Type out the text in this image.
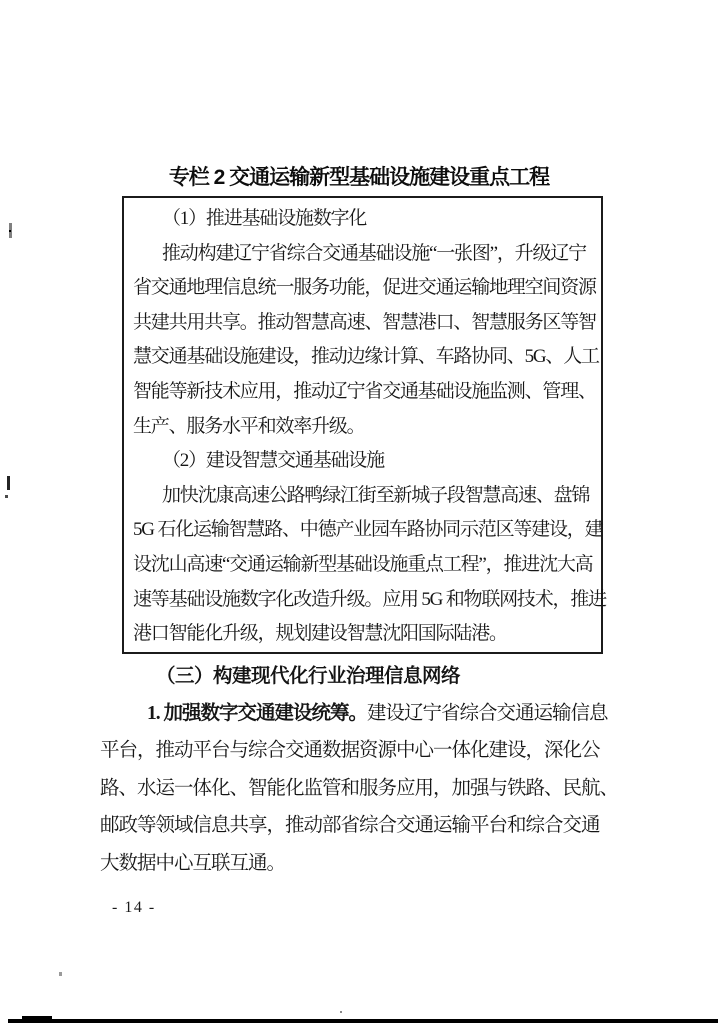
专栏 2 交通运输新型基础设施建设重点工程
（1）推进基础设施数字化
推动构建辽宁省综合交通基础设施“一张图”，升级辽宁
省交通地理信息统一服务功能，促进交通运输地理空间资源
共建共用共享。推动智慧高速、智慧港口、智慧服务区等智
慧交通基础设施建设，推动边缘计算、车路协同、5G、人工
智能等新技术应用，推动辽宁省交通基础设施监测、管理、
生产、服务水平和效率升级。
（2）建设智慧交通基础设施
加快沈康高速公路鸭绿江街至新城子段智慧高速、盘锦
5G 石化运输智慧路、中德产业园车路协同示范区等建设，建
设沈山高速“交通运输新型基础设施重点工程”，推进沈大高
速等基础设施数字化改造升级。应用 5G 和物联网技术，推进
港口智能化升级，规划建设智慧沈阳国际陆港。
（三）构建现代化行业治理信息网络
1. 加强数字交通建设统筹。建设辽宁省综合交通运输信息
平台，推动平台与综合交通数据资源中心一体化建设，深化公
路、水运一体化、智能化监管和服务应用，加强与铁路、民航、
邮政等领域信息共享，推动部省综合交通运输平台和综合交通
大数据中心互联互通。
- 14 -
